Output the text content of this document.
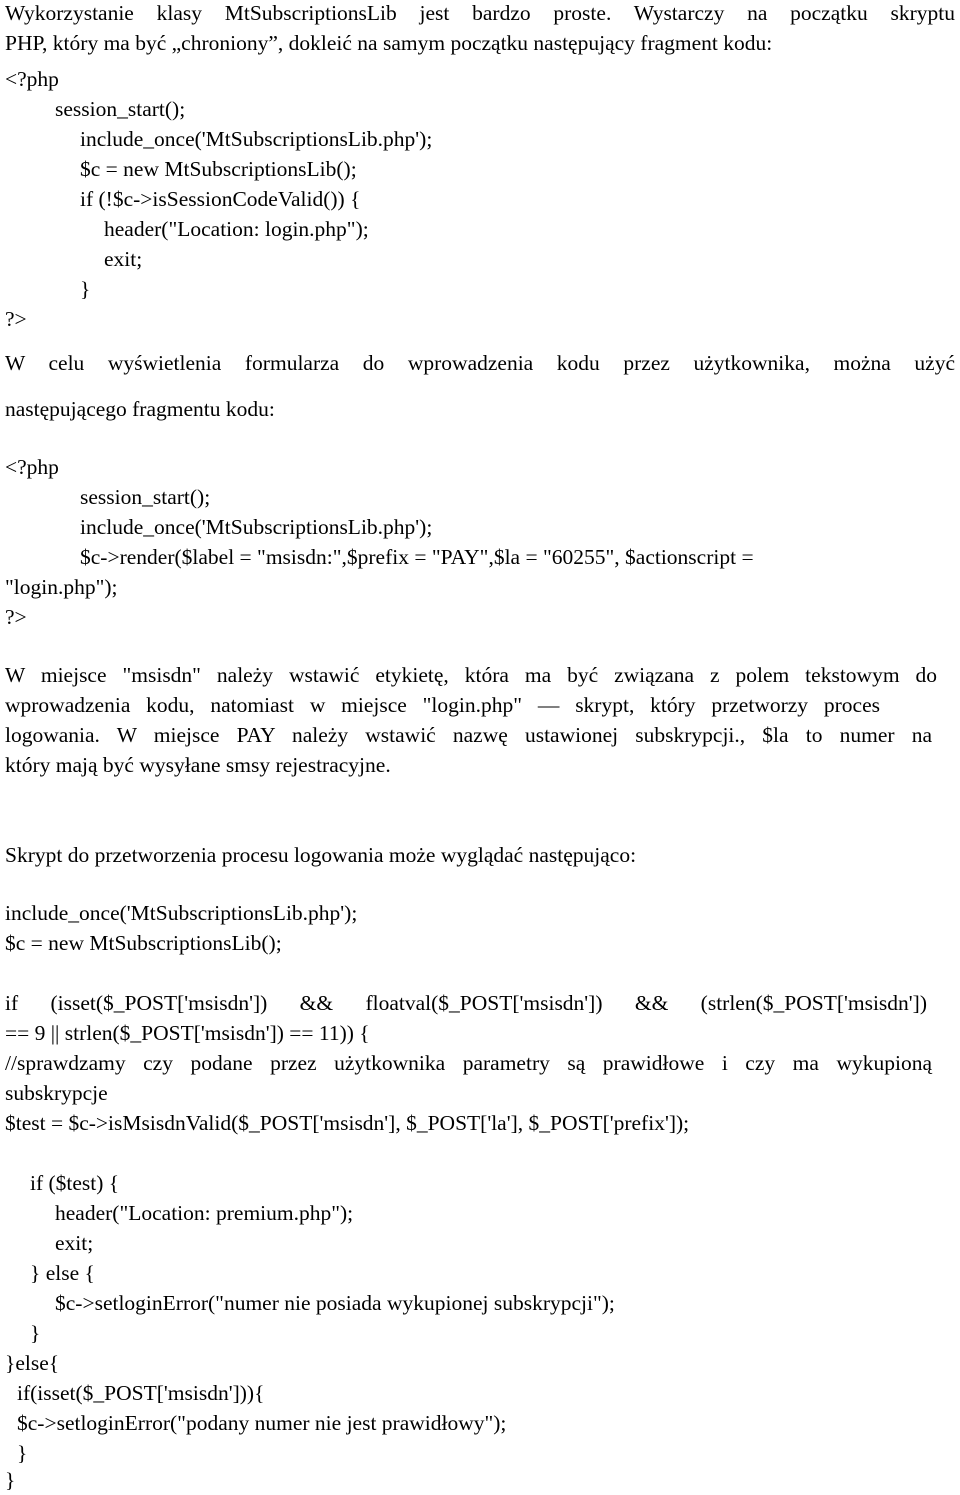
Wykorzystanie klasy MtSubscriptionsLib jest bardzo proste. Wystarczy na początku skryptu
PHP, który ma być „chroniony”, dokleić na samym początku następujący fragment kodu:
<?php
session_start();
include_once('MtSubscriptionsLib.php');
$c = new MtSubscriptionsLib();
if (!$c->isSessionCodeValid()) {
header("Location: login.php");
exit;
}
?>
W celu wyświetlenia formularza do wprowadzenia kodu przez użytkownika, można użyć
następującego fragmentu kodu:
<?php
session_start();
include_once('MtSubscriptionsLib.php');
$c->render($label = "msisdn:",$prefix = "PAY",$la = "60255", $actionscript =
"login.php");
?>
W miejsce "msisdn" należy wstawić etykietę, która ma być związana z polem tekstowym do
wprowadzenia kodu, natomiast w miejsce "login.php" — skrypt, który przetworzy proces
logowania. W miejsce PAY należy wstawić nazwę ustawionej subskrypcji., $la to numer na
który mają być wysyłane smsy rejestracyjne.
Skrypt do przetworzenia procesu logowania może wyglądać następująco:
include_once('MtSubscriptionsLib.php');
$c = new MtSubscriptionsLib();
if (isset($_POST['msisdn']) && floatval($_POST['msisdn']) && (strlen($_POST['msisdn'])
== 9 || strlen($_POST['msisdn']) == 11)) {
//sprawdzamy czy podane przez użytkownika parametry są prawidłowe i czy ma wykupioną
subskrypcje
$test = $c->isMsisdnValid($_POST['msisdn'], $_POST['la'], $_POST['prefix']);
if ($test) {
header("Location: premium.php");
exit;
} else {
$c->setloginError("numer nie posiada wykupionej subskrypcji");
}
}else{
if(isset($_POST['msisdn'])){
$c->setloginError("podany numer nie jest prawidłowy");
}
}
